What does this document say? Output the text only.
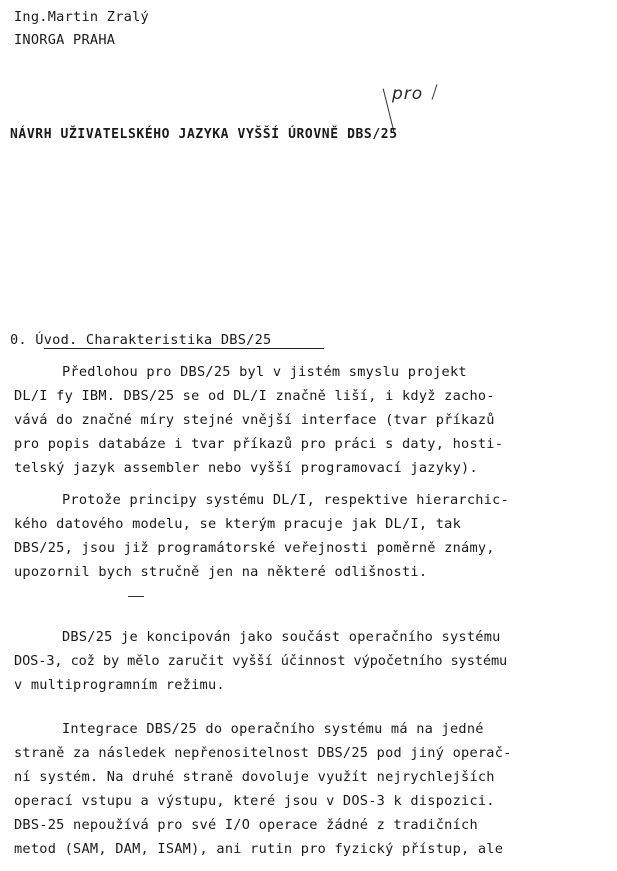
Ing.Martin Zralý
INORGA PRAHA
pro
NÁVRH UŽIVATELSKÉHO JAZYKA VYŠŠÍ ÚROVNĚ DBS/25
0. Úvod. Charakteristika DBS/25
Předlohou pro DBS/25 byl v jistém smyslu projekt
DL/I fy IBM. DBS/25 se od DL/I značně liší, i když zacho-
vává do značné míry stejné vnější interface (tvar příkazů
pro popis databáze i tvar příkazů pro práci s daty, hosti-
telský jazyk assembler nebo vyšší programovací jazyky).
Protože principy systému DL/I, respektive hierarchic-
kého datového modelu, se kterým pracuje jak DL/I, tak
DBS/25, jsou již programátorské veřejnosti poměrně známy,
upozornil bych stručně jen na některé odlišnosti.
DBS/25 je koncipován jako součást operačního systému
DOS-3, což by mělo zaručit vyšší účinnost výpočetního systému
v multiprogramním režimu.
Integrace DBS/25 do operačního systému má na jedné
straně za následek nepřenositelnost DBS/25 pod jiný operač-
ní systém. Na druhé straně dovoluje využít nejrychlejších
operací vstupu a výstupu, které jsou v DOS-3 k dispozici.
DBS-25 nepoužívá pro své I/O operace žádné z tradičních
metod (SAM, DAM, ISAM), ani rutin pro fyzický přístup, ale
